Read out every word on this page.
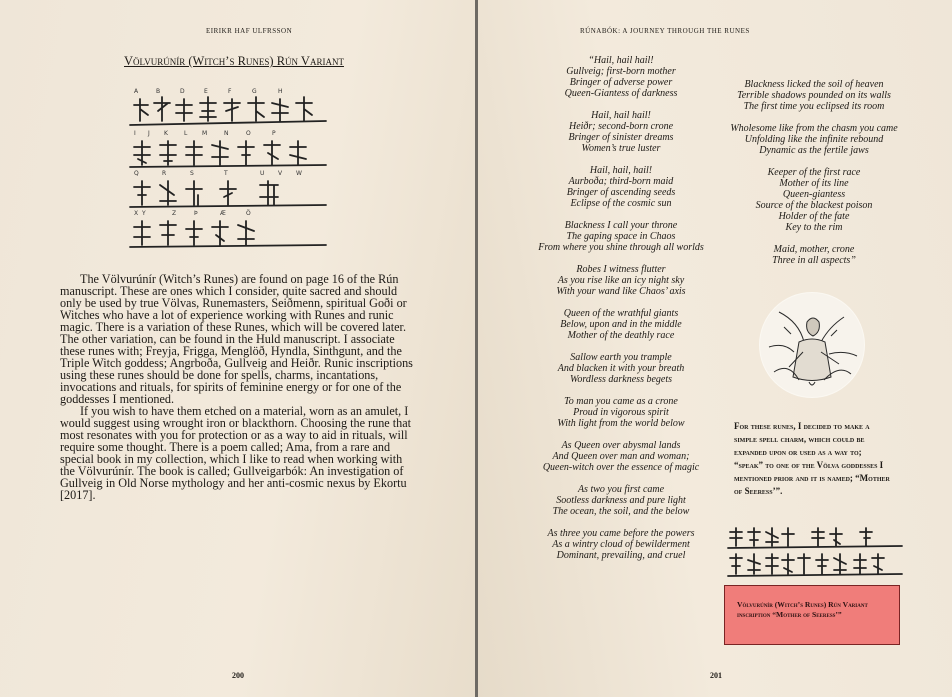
EIRIKR HAF ULFRSSON
Völvurúnír (Witch’s Runes) Rún Variant
A	B	D	E	F	G	H
I J K	L M	N	O	P
Q	R	S	T	U V W
X Y	Z	Þ	Æ	Ö

The Völvurúnír (Witch’s Runes) are found on page 16 of the Rún manuscript. These are ones which I consider, quite sacred and should only be used by true Völvas, Runemasters, Seiðmenn, spiritual Goði or Witches who have a lot of experience working with Runes and runic magic. There is a variation of these Runes, which will be covered later. The other variation, can be found in the Huld manuscript. I associate these runes with; Freyja, Frigga, Menglöð, Hyndla, Sinthgunt, and the Triple Witch goddess; Angrboða, Gullveig and Heiðr. Runic inscriptions using these runes should be done for spells, charms, incantations, invocations and rituals, for spirits of feminine energy or for one of the goddesses I mentioned.

If you wish to have them etched on a material, worn as an amulet, I would suggest using wrought iron or blackthorn. Choosing the rune that most resonates with you for protection or as a way to aid in rituals, will require some thought. There is a poem called; Ama, from a rare and special book in my collection, which I like to read when working with the Völvurúnír. The book is called; Gullveigarbók: An investigation of Gullveig in Old Norse mythology and her anti-cosmic nexus by Ekortu [2017].

200
RÚNABÓK: A JOURNEY THROUGH THE RUNES
“Hail, hail hail!
Gullveig; first-born mother
Bringer of adverse power
Queen-Giantess of darkness
Hail, hail hail!
Heiðr; second-born crone
Bringer of sinister dreams
Women’s true luster
Hail, hail, hail!
Aurboða; third-born maid
Bringer of ascending seeds
Eclipse of the cosmic sun
Blackness I call your throne
The gaping space in Chaos
From where you shine through all worlds
Robes I witness flutter
As you rise like an icy night sky
With your wand like Chaos’ axis
Queen of the wrathful giants
Below, upon and in the middle
Mother of the deathly race
Sallow earth you trample
And blacken it with your breath
Wordless darkness begets
To man you came as a crone
Proud in vigorous spirit
With light from the world below
As Queen over abysmal lands
And Queen over man and woman;
Queen-witch over the essence of magic
As two you first came
Sootless darkness and pure light
The ocean, the soil, and the below
As three you came before the powers
As a wintry cloud of bewilderment
Dominant, prevailing, and cruel
Blackness licked the soil of heaven
Terrible shadows pounded on its walls
The first time you eclipsed its room
Wholesome like from the chasm you came
Unfolding like the infinite rebound
Dynamic as the fertile jaws
Keeper of the first race
Mother of its line
Queen-giantess
Source of the blackest poison
Holder of the fate
Key to the rim
Maid, mother, crone
Three in all aspects”
For these runes, I decided to make a simple spell charm, which could be expanded upon or used as a way to; “speak” to one of the Völva goddesses I mentioned prior and it is named; “Mother of Seeress’”.
Völvurúnír (Witch’s Runes) Rún Variant inscription “Mother of Seeress’”
201
